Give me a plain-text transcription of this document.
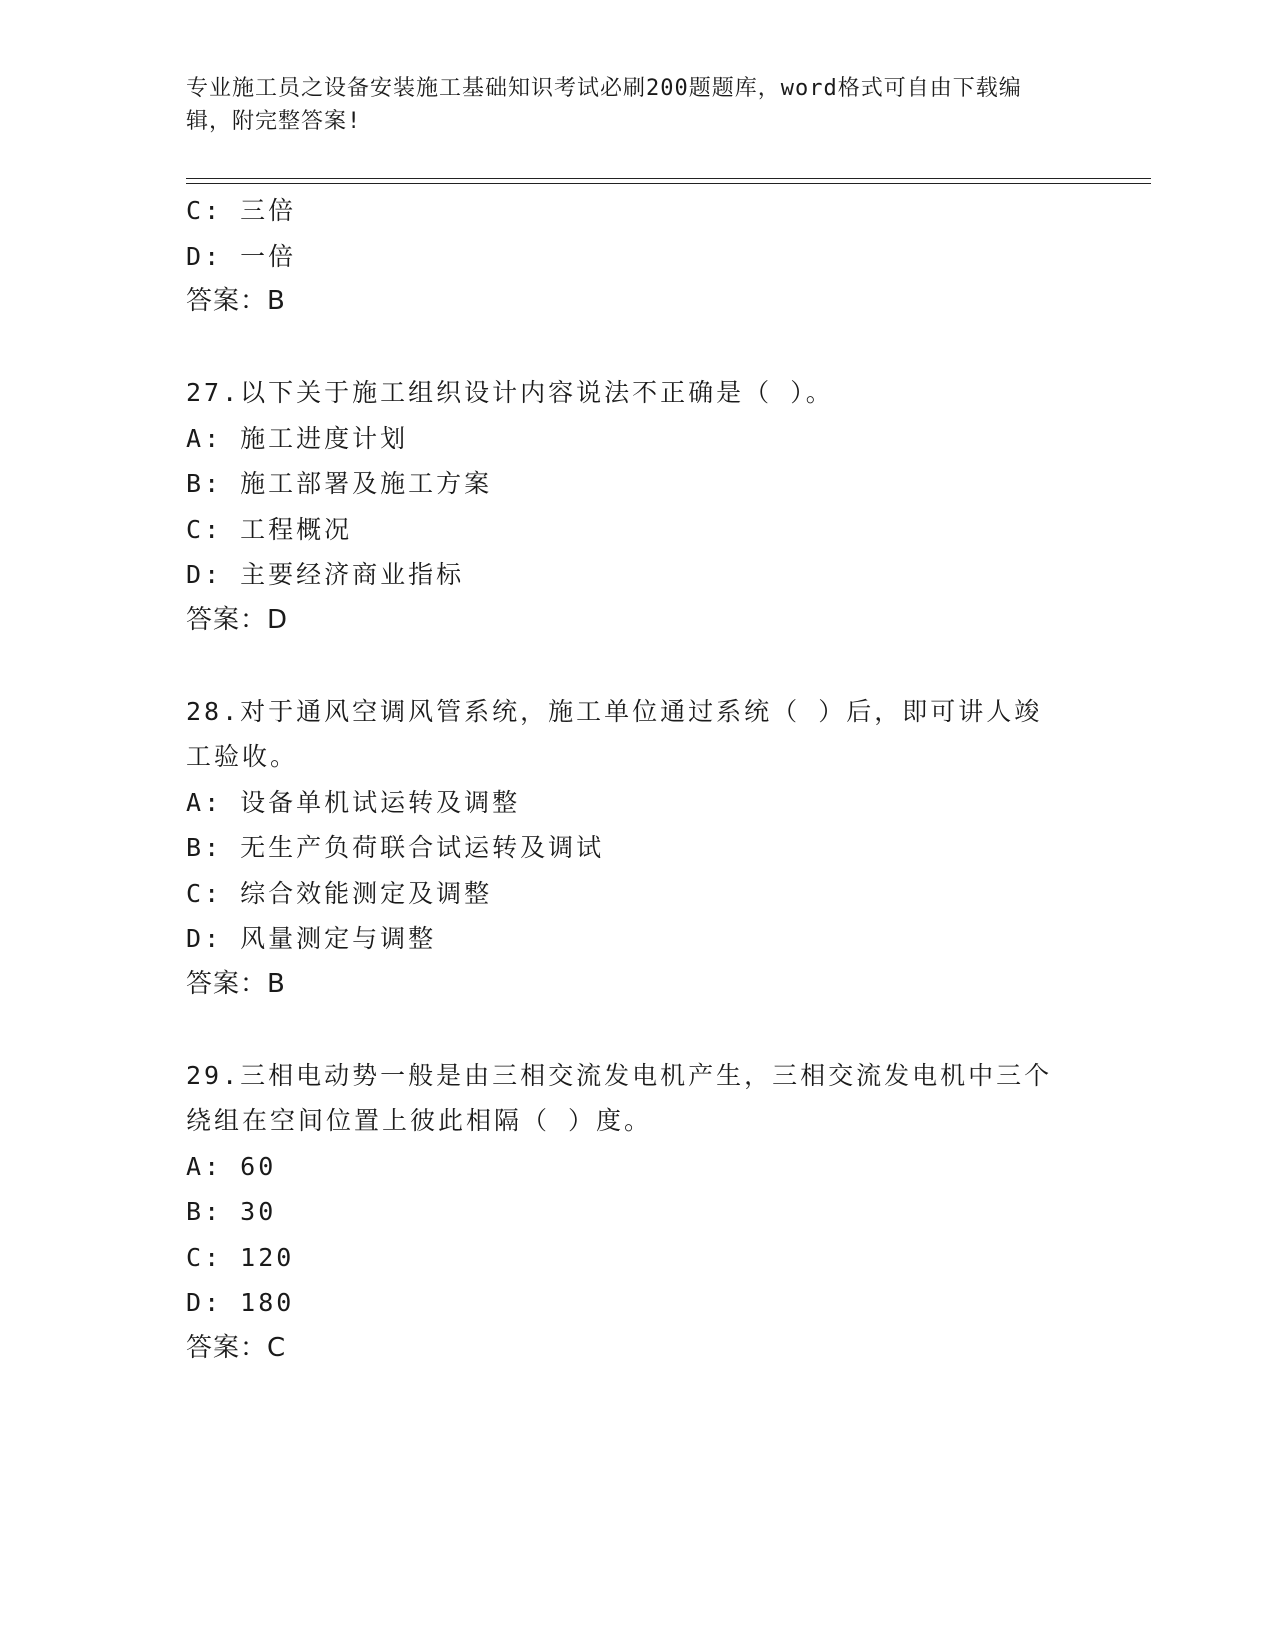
专业施工员之设备安装施工基础知识考试必刷200题题库，word格式可自由下载编辑，附完整答案!
C: 三倍
D: 一倍
答案：B
27.以下关于施工组织设计内容说法不正确是（ ）。
A: 施工进度计划
B: 施工部署及施工方案
C: 工程概况
D: 主要经济商业指标
答案：D
28.对于通风空调风管系统，施工单位通过系统（ ）后，即可讲人竣工验收。
A: 设备单机试运转及调整
B: 无生产负荷联合试运转及调试
C: 综合效能测定及调整
D: 风量测定与调整
答案：B
29.三相电动势一般是由三相交流发电机产生，三相交流发电机中三个绕组在空间位置上彼此相隔（ ）度。
A: 60
B: 30
C: 120
D: 180
答案：C
